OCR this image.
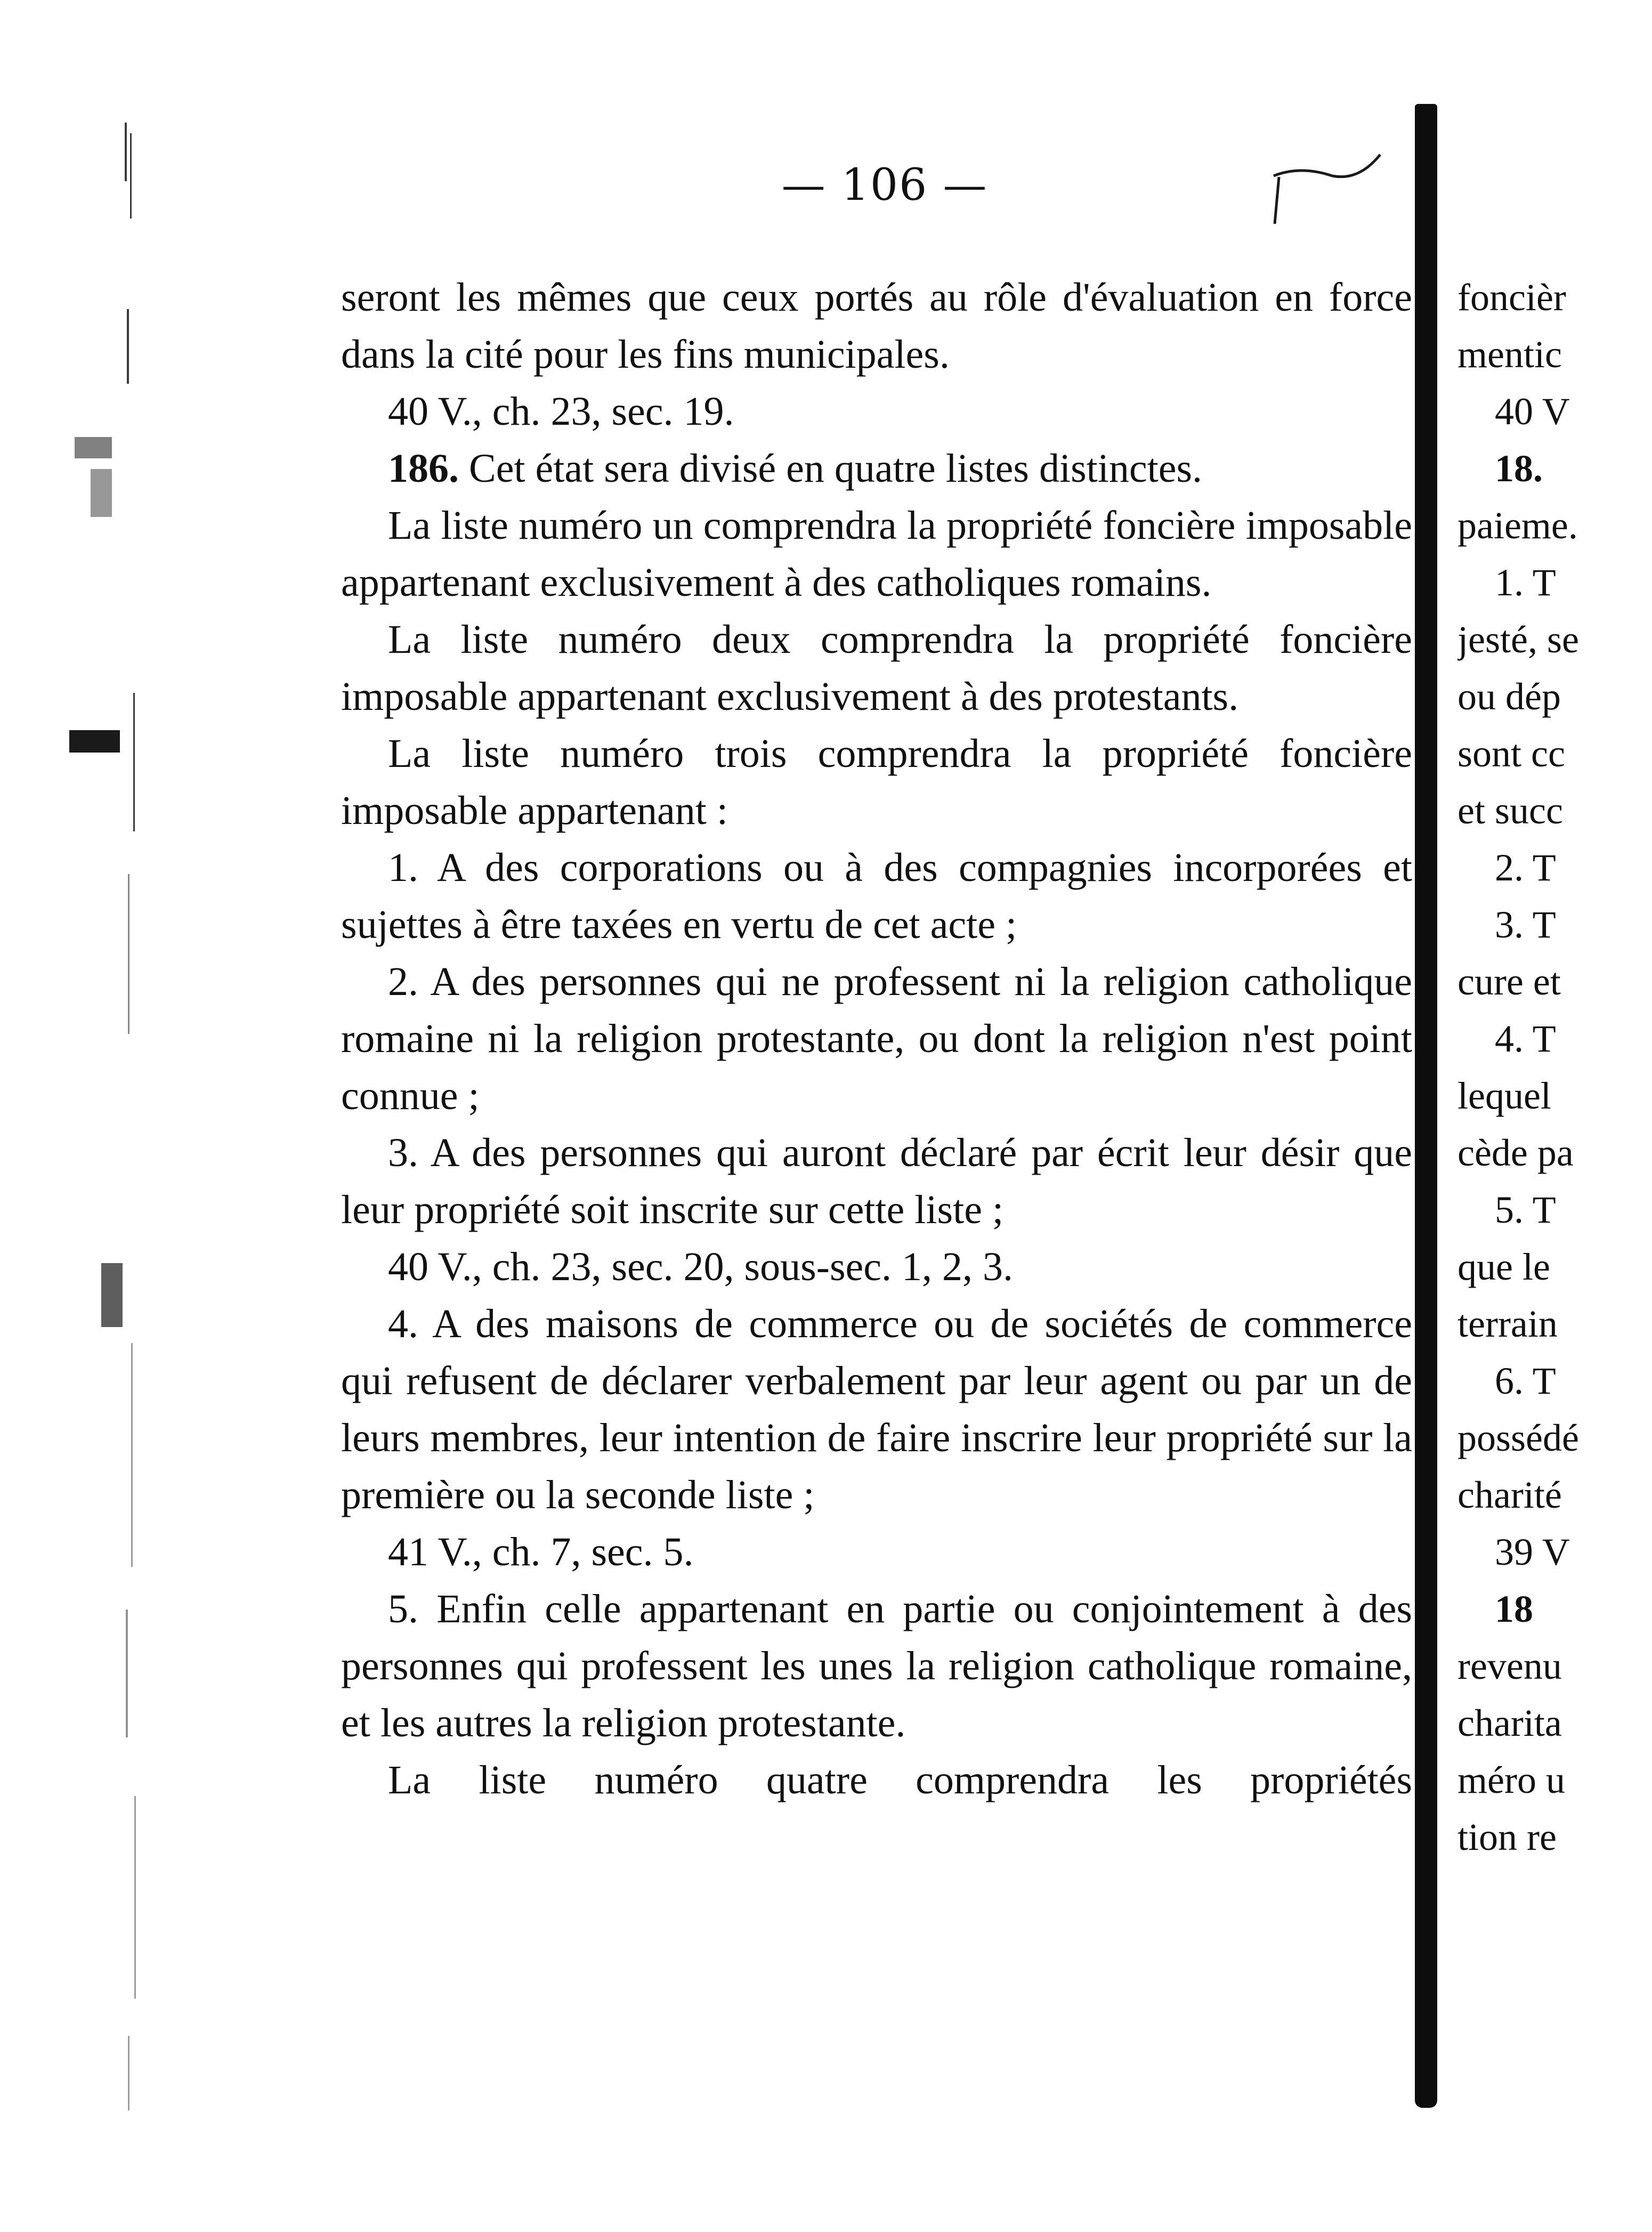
— 106 —

seront les mêmes que ceux portés au rôle d'évaluation en force dans la cité pour les fins municipales.

40 V., ch. 23, sec. 19.

186. Cet état sera divisé en quatre listes distinctes.

La liste numéro un comprendra la propriété foncière imposable appartenant exclusivement à des catholiques romains.

La liste numéro deux comprendra la propriété foncière imposable appartenant exclusivement à des protestants.

La liste numéro trois comprendra la propriété foncière imposable appartenant :

1. A des corporations ou à des compagnies incorporées et sujettes à être taxées en vertu de cet acte ;

2. A des personnes qui ne professent ni la religion catholique romaine ni la religion protestante, ou dont la religion n'est point connue ;

3. A des personnes qui auront déclaré par écrit leur désir que leur propriété soit inscrite sur cette liste ;

40 V., ch. 23, sec. 20, sous-sec. 1, 2, 3.

4. A des maisons de commerce ou de sociétés de commerce qui refusent de déclarer verbalement par leur agent ou par un de leurs membres, leur intention de faire inscrire leur propriété sur la première ou la seconde liste ;

41 V., ch. 7, sec. 5.

5. Enfin celle appartenant en partie ou conjointement à des personnes qui professent les unes la religion catholique romaine, et les autres la religion protestante.

La liste numéro quatre comprendra les propriétés

foncièr
mentic
40 V
18.
paieme.
1. T
jesté, se
ou dép
sont cc
et succ
2. T
3. T
cure et
4. T
lequel
cède pa
5. T
que le
terrain
6. T
possédé
charité
39 V
18
revenu
charita
méro u
tion re
